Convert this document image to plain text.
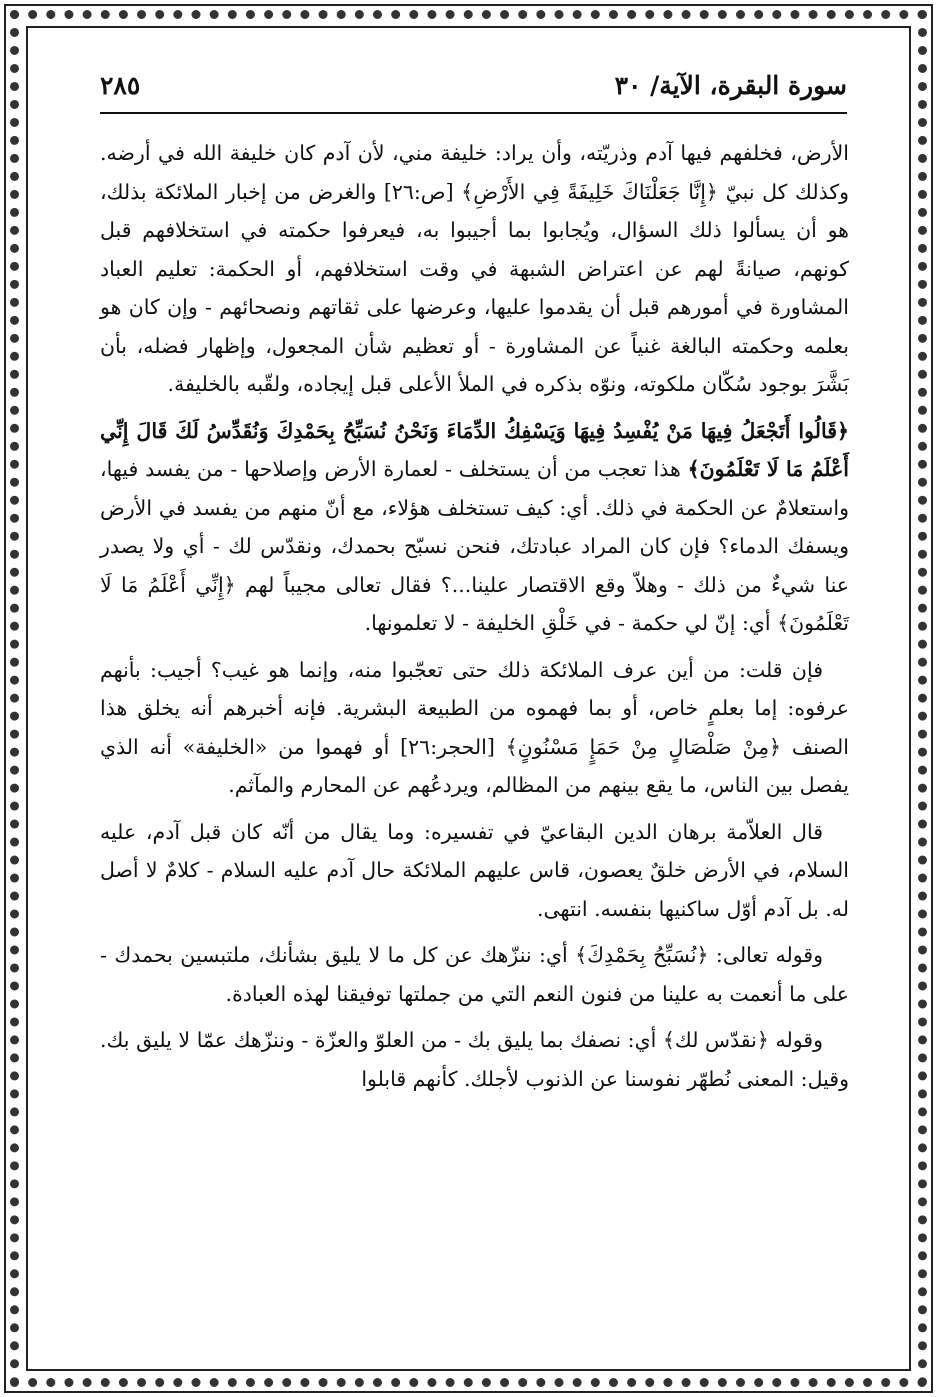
سورة البقرة، الآية/ ٣٠
٢٨٥

الأرض، فخلفهم فيها آدم وذريّته، وأن يراد: خليفة مني، لأن آدم كان خليفة الله في أرضه. وكذلك كل نبيّ ﴿إِنَّا جَعَلْنَاكَ خَلِيفَةً فِي الأَرْضِ﴾ [ص:٢٦] والغرض من إخبار الملائكة بذلك، هو أن يسألوا ذلك السؤال، ويُجابوا بما أجيبوا به، فيعرفوا حكمته في استخلافهم قبل كونهم، صيانةً لهم عن اعتراض الشبهة في وقت استخلافهم، أو الحكمة: تعليم العباد المشاورة في أمورهم قبل أن يقدموا عليها، وعرضها على ثقاتهم ونصحائهم - وإن كان هو بعلمه وحكمته البالغة غنياً عن المشاورة - أو تعظيم شأن المجعول، وإظهار فضله، بأن بَشَّرَ بوجود سُكّان ملكوته، ونوّه بذكره في الملأ الأعلى قبل إيجاده، ولقّبه بالخليفة.

﴿قَالُوا أَتَجْعَلُ فِيهَا مَنْ يُفْسِدُ فِيهَا وَيَسْفِكُ الدِّمَاءَ وَنَحْنُ نُسَبِّحُ بِحَمْدِكَ وَنُقَدِّسُ لَكَ قَالَ إِنِّي أَعْلَمُ مَا لَا تَعْلَمُونَ﴾ هذا تعجب من أن يستخلف - لعمارة الأرض وإصلاحها - من يفسد فيها، واستعلامٌ عن الحكمة في ذلك. أي: كيف تستخلف هؤلاء، مع أنّ منهم من يفسد في الأرض ويسفك الدماء؟ فإن كان المراد عبادتك، فنحن نسبّح بحمدك، ونقدّس لك - أي ولا يصدر عنا شيءٌ من ذلك - وهلاّ وقع الاقتصار علينا...؟ فقال تعالى مجيباً لهم ﴿إِنِّي أَعْلَمُ مَا لَا تَعْلَمُونَ﴾ أي: إنّ لي حكمة - في خَلْقِ الخليفة - لا تعلمونها.

فإن قلت: من أين عرف الملائكة ذلك حتى تعجّبوا منه، وإنما هو غيب؟ أجيب: بأنهم عرفوه: إما بعلمٍ خاص، أو بما فهموه من الطبيعة البشرية. فإنه أخبرهم أنه يخلق هذا الصنف ﴿مِنْ صَلْصَالٍ مِنْ حَمَإٍ مَسْنُونٍ﴾ [الحجر:٢٦] أو فهموا من «الخليفة» أنه الذي يفصل بين الناس، ما يقع بينهم من المظالم، ويردعُهم عن المحارم والمآثم.

قال العلاّمة برهان الدين البقاعيّ في تفسيره: وما يقال من أنّه كان قبل آدم، عليه السلام، في الأرض خلقٌ يعصون، قاس عليهم الملائكة حال آدم عليه السلام - كلامٌ لا أصل له. بل آدم أوّل ساكنيها بنفسه. انتهى.

وقوله تعالى: ﴿نُسَبِّحُ بِحَمْدِكَ﴾ أي: ننزّهك عن كل ما لا يليق بشأنك، ملتبسين بحمدك - على ما أنعمت به علينا من فنون النعم التي من جملتها توفيقنا لهذه العبادة.

وقوله ﴿نقدّس لك﴾ أي: نصفك بما يليق بك - من العلوّ والعزّة - وننزّهك عمّا لا يليق بك. وقيل: المعنى نُطهّر نفوسنا عن الذنوب لأجلك. كأنهم قابلوا
